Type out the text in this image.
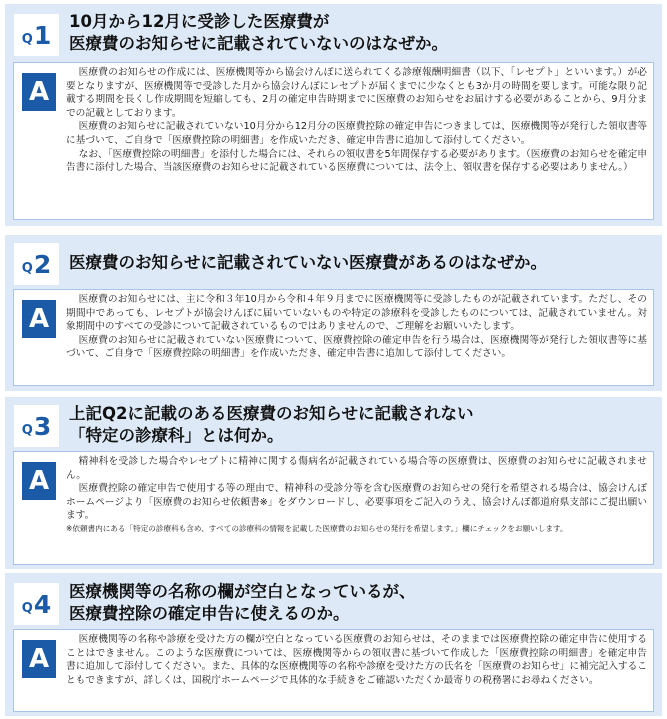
Q 1 10月から12月に受診した医療費が
医療費のお知らせに記載されていないのはなぜか。
A

医療費のお知らせの作成には、医療機関等から協会けんぽに送られてくる診療報酬明細書（以下、「レセプト」といいます。）が必要となりますが、医療機関等で受診した月から協会けんぽにレセプトが届くまでに少なくとも3か月の時間を要します。可能な限り記載する期間を長くし作成期間を短縮しても、2月の確定申告時期までに医療費のお知らせをお届けする必要があることから、9月分までの記載としております。

医療費のお知らせに記載されていない10月分から12月分の医療費控除の確定申告につきましては、医療機関等が発行した領収書等に基づいて、ご自身で「医療費控除の明細書」を作成いただき、確定申告書に追加して添付してください。

なお、「医療費控除の明細書」を添付した場合には、それらの領収書を5年間保存する必要があります。（医療費のお知らせを確定申告書に添付した場合、当該医療費のお知らせに記載されている医療費については、法令上、領収書を保存する必要はありません。）

Q 2 医療費のお知らせに記載されていない医療費があるのはなぜか。
A

医療費のお知らせには、主に令和３年10月から令和４年９月までに医療機関等に受診したものが記載されています。ただし、その期間中であっても、レセプトが協会けんぽに届いていないものや特定の診療科を受診したものについては、記載されていません。対象期間中のすべての受診について記載されているものではありませんので、ご理解をお願いいたします。

医療費のお知らせに記載されていない医療費について、医療費控除の確定申告を行う場合は、医療機関等が発行した領収書等に基づいて、ご自身で「医療費控除の明細書」を作成いただき、確定申告書に追加して添付してください。

Q 3 上記Q2に記載のある医療費のお知らせに記載されない
「特定の診療科」とは何か。
A

精神科を受診した場合やレセプトに精神に関する傷病名が記載されている場合等の医療費は、医療費のお知らせに記載されません。

医療費控除の確定申告で使用する等の理由で、精神科の受診分等を含む医療費のお知らせの発行を希望される場合は、協会けんぽホームページより「医療費のお知らせ依頼書※」をダウンロードし、必要事項をご記入のうえ、協会けんぽ都道府県支部にご提出願います。

※依頼書内にある「特定の診療科も含め、すべての診療科の情報を記載した医療費のお知らせの発行を希望します。」欄にチェックをお願いします。

Q 4 医療機関等の名称の欄が空白となっているが、
医療費控除の確定申告に使えるのか。
A

医療機関等の名称や診療を受けた方の欄が空白となっている医療費のお知らせは、そのままでは医療費控除の確定申告に使用することはできません。このような医療費については、医療機関等からの領収書に基づいて作成した「医療費控除の明細書」を確定申告書に追加して添付してください。また、具体的な医療機関等の名称や診療を受けた方の氏名を「医療費のお知らせ」に補完記入することもできますが、詳しくは、国税庁ホームページで具体的な手続きをご確認いただくか最寄りの税務署にお尋ねください。
